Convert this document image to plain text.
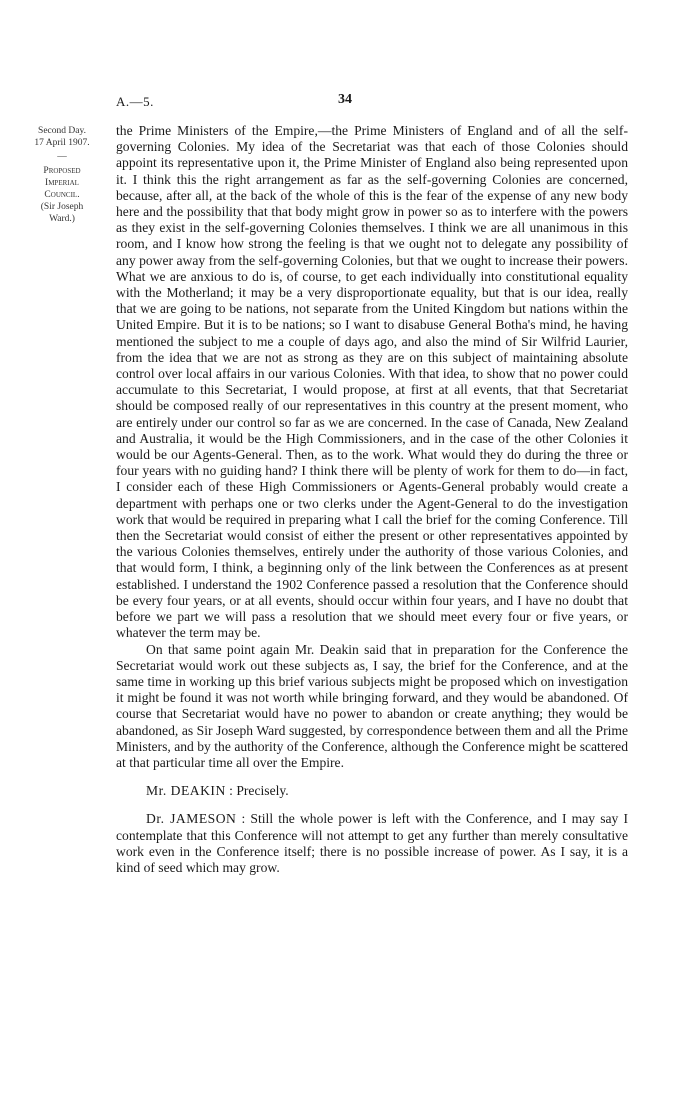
A.—5.	34
Second Day.
17 April 1907.
—
Proposed
Imperial
Council.
(Sir Joseph
Ward.)

the Prime Ministers of the Empire,—the Prime Ministers of England and of all the self-governing Colonies. My idea of the Secretariat was that each of those Colonies should appoint its representative upon it, the Prime Minister of England also being represented upon it. I think this the right arrangement as far as the self-governing Colonies are concerned, because, after all, at the back of the whole of this is the fear of the expense of any new body here and the possibility that that body might grow in power so as to interfere with the powers as they exist in the self-governing Colonies themselves. I think we are all unanimous in this room, and I know how strong the feeling is that we ought not to delegate any possibility of any power away from the self-governing Colonies, but that we ought to increase their powers. What we are anxious to do is, of course, to get each individually into constitutional equality with the Motherland; it may be a very disproportionate equality, but that is our idea, really that we are going to be nations, not separate from the United Kingdom but nations within the United Empire. But it is to be nations; so I want to disabuse General Botha's mind, he having mentioned the subject to me a couple of days ago, and also the mind of Sir Wilfrid Laurier, from the idea that we are not as strong as they are on this subject of maintaining absolute control over local affairs in our various Colonies. With that idea, to show that no power could accumulate to this Secretariat, I would propose, at first at all events, that that Secretariat should be composed really of our representatives in this country at the present moment, who are entirely under our control so far as we are concerned. In the case of Canada, New Zealand and Australia, it would be the High Commissioners, and in the case of the other Colonies it would be our Agents-General. Then, as to the work. What would they do during the three or four years with no guiding hand? I think there will be plenty of work for them to do—in fact, I consider each of these High Commissioners or Agents-General probably would create a department with perhaps one or two clerks under the Agent-General to do the investigation work that would be required in preparing what I call the brief for the coming Conference. Till then the Secretariat would consist of either the present or other representatives appointed by the various Colonies themselves, entirely under the authority of those various Colonies, and that would form, I think, a beginning only of the link between the Conferences as at present established. I understand the 1902 Conference passed a resolution that the Conference should be every four years, or at all events, should occur within four years, and I have no doubt that before we part we will pass a resolution that we should meet every four or five years, or whatever the term may be.

On that same point again Mr. Deakin said that in preparation for the Conference the Secretariat would work out these subjects as, I say, the brief for the Conference, and at the same time in working up this brief various subjects might be proposed which on investigation it might be found it was not worth while bringing forward, and they would be abandoned. Of course that Secretariat would have no power to abandon or create anything; they would be abandoned, as Sir Joseph Ward suggested, by correspondence between them and all the Prime Ministers, and by the authority of the Conference, although the Conference might be scattered at that particular time all over the Empire.

Mr. DEAKIN : Precisely.

Dr. JAMESON : Still the whole power is left with the Conference, and I may say I contemplate that this Conference will not attempt to get any further than merely consultative work even in the Conference itself; there is no possible increase of power. As I say, it is a kind of seed which may grow.
